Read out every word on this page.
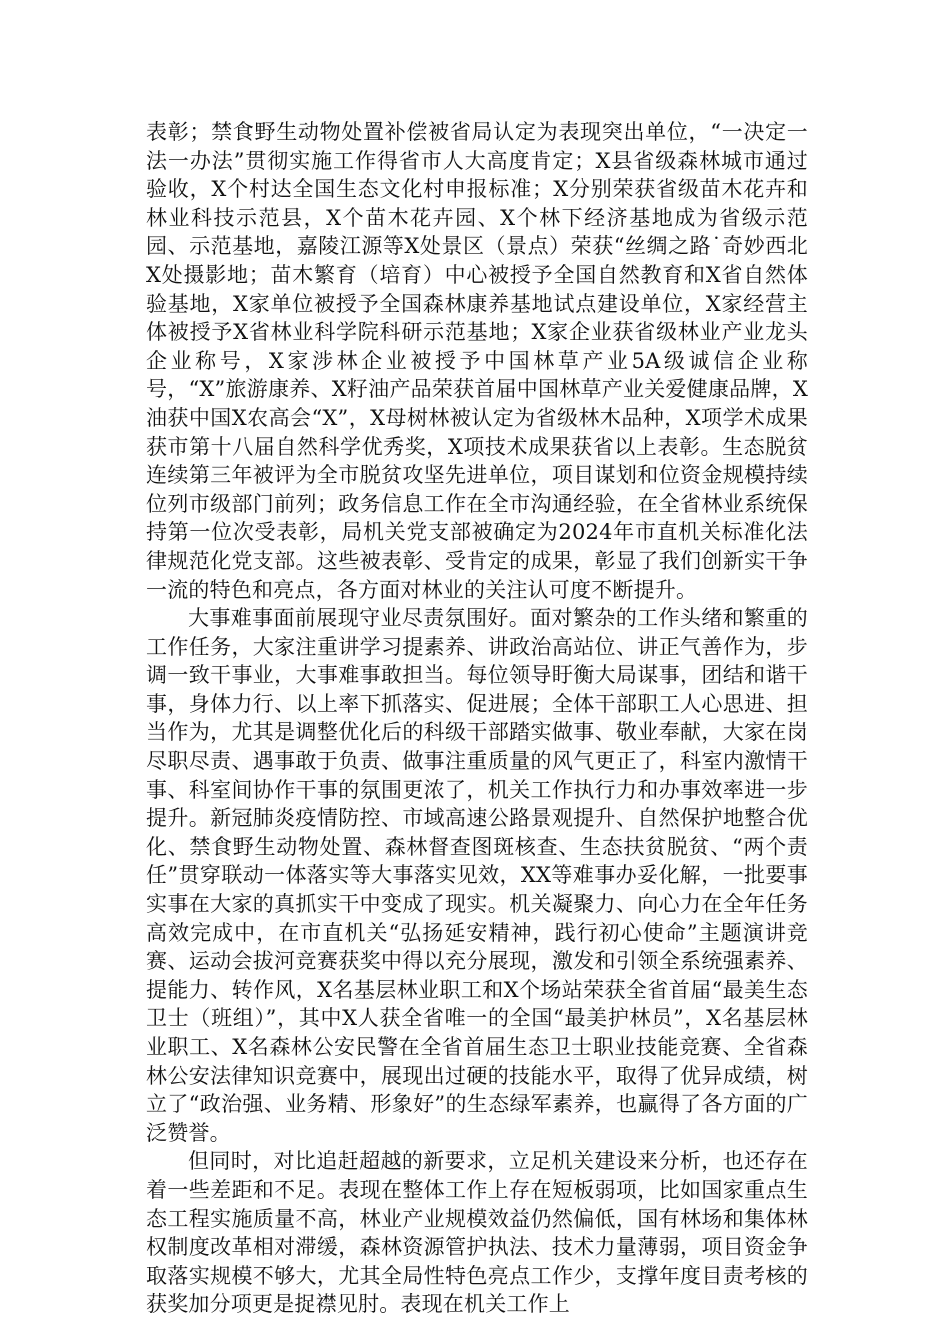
表彰；禁食野生动物处置补偿被省局认定为表现突出单位，“一决定一法一办法”贯彻实施工作得省市人大高度肯定；X县省级森林城市通过验收，X个村达全国生态文化村申报标准；X分别荣获省级苗木花卉和林业科技示范县，X个苗木花卉园、X个林下经济基地成为省级示范园、示范基地，嘉陵江源等X处景区（景点）荣获“丝绸之路˙奇妙西北X处摄影地；苗木繁育（培育）中心被授予全国自然教育和X省自然体验基地，X家单位被授予全国森林康养基地试点建设单位，X家经营主体被授予X省林业科学院科研示范基地；X家企业获省级林业产业龙头企业称号，X家涉林企业被授予中国林草产业5A级诚信企业称号，“X”旅游康养、X籽油产品荣获首届中国林草产业关爱健康品牌，X油获中国X农高会“X”，X母树林被认定为省级林木品种，X项学术成果获市第十八届自然科学优秀奖，X项技术成果获省以上表彰。生态脱贫连续第三年被评为全市脱贫攻坚先进单位，项目谋划和位资金规模持续位列市级部门前列；政务信息工作在全市沟通经验，在全省林业系统保持第一位次受表彰，局机关党支部被确定为2024年市直机关标准化法律规范化党支部。这些被表彰、受肯定的成果，彰显了我们创新实干争一流的特色和亮点，各方面对林业的关注认可度不断提升。

大事难事面前展现守业尽责氛围好。面对繁杂的工作头绪和繁重的工作任务，大家注重讲学习提素养、讲政治高站位、讲正气善作为，步调一致干事业，大事难事敢担当。每位领导盱衡大局谋事，团结和谐干事，身体力行、以上率下抓落实、促进展；全体干部职工人心思进、担当作为，尤其是调整优化后的科级干部踏实做事、敬业奉献，大家在岗尽职尽责、遇事敢于负责、做事注重质量的风气更正了，科室内激情干事、科室间协作干事的氛围更浓了，机关工作执行力和办事效率进一步提升。新冠肺炎疫情防控、市域高速公路景观提升、自然保护地整合优化、禁食野生动物处置、森林督查图斑核查、生态扶贫脱贫、“两个责任”贯穿联动一体落实等大事落实见效，XX等难事办妥化解，一批要事实事在大家的真抓实干中变成了现实。机关凝聚力、向心力在全年任务高效完成中，在市直机关“弘扬延安精神，践行初心使命”主题演讲竞赛、运动会拔河竞赛获奖中得以充分展现，激发和引领全系统强素养、提能力、转作风，X名基层林业职工和X个场站荣获全省首届“最美生态卫士（班组）”，其中X人获全省唯一的全国“最美护林员”，X名基层林业职工、X名森林公安民警在全省首届生态卫士职业技能竞赛、全省森林公安法律知识竞赛中，展现出过硬的技能水平，取得了优异成绩，树立了“政治强、业务精、形象好”的生态绿军素养，也赢得了各方面的广泛赞誉。

但同时，对比追赶超越的新要求，立足机关建设来分析，也还存在着一些差距和不足。表现在整体工作上存在短板弱项，比如国家重点生态工程实施质量不高，林业产业规模效益仍然偏低，国有林场和集体林权制度改革相对滞缓，森林资源管护执法、技术力量薄弱，项目资金争取落实规模不够大，尤其全局性特色亮点工作少，支撑年度目责考核的获奖加分项更是捉襟见肘。表现在机关工作上
